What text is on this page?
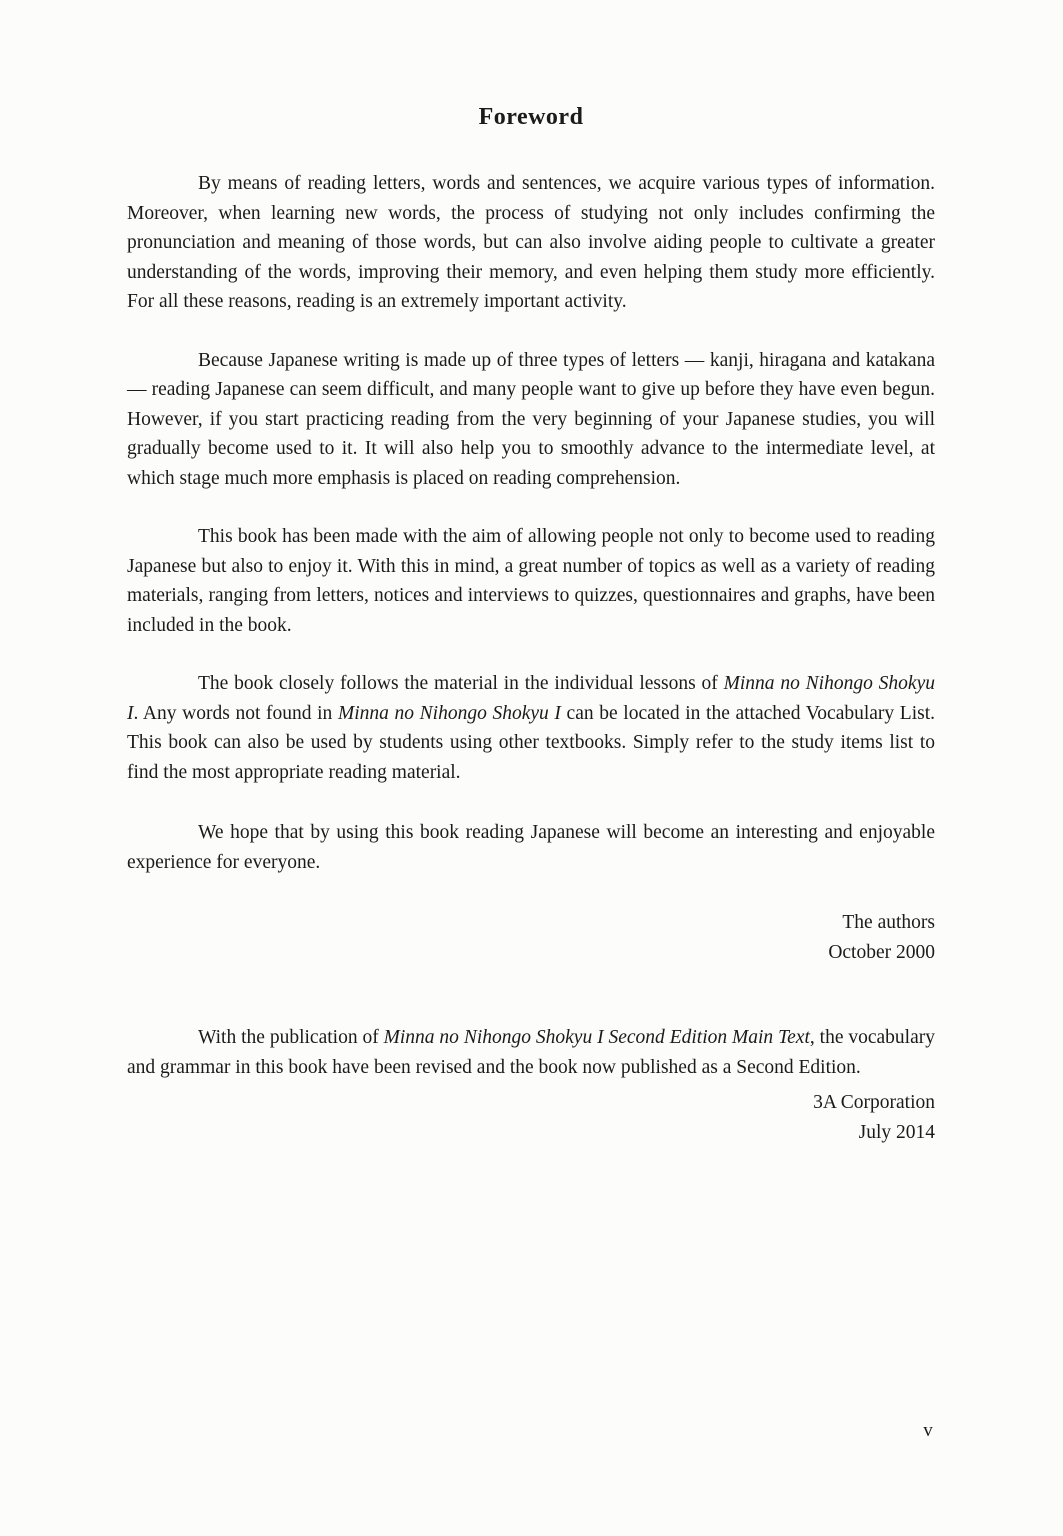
Foreword

By means of reading letters, words and sentences, we acquire various types of information. Moreover, when learning new words, the process of studying not only includes confirming the pronunciation and meaning of those words, but can also involve aiding people to cultivate a greater understanding of the words, improving their memory, and even helping them study more efficiently. For all these reasons, reading is an extremely important activity.

Because Japanese writing is made up of three types of letters — kanji, hiragana and katakana — reading Japanese can seem difficult, and many people want to give up before they have even begun. However, if you start practicing reading from the very beginning of your Japanese studies, you will gradually become used to it. It will also help you to smoothly advance to the intermediate level, at which stage much more emphasis is placed on reading comprehension.

This book has been made with the aim of allowing people not only to become used to reading Japanese but also to enjoy it. With this in mind, a great number of topics as well as a variety of reading materials, ranging from letters, notices and interviews to quizzes, questionnaires and graphs, have been included in the book.

The book closely follows the material in the individual lessons of Minna no Nihongo Shokyu I. Any words not found in Minna no Nihongo Shokyu I can be located in the attached Vocabulary List. This book can also be used by students using other textbooks. Simply refer to the study items list to find the most appropriate reading material.

We hope that by using this book reading Japanese will become an interesting and enjoyable experience for everyone.

The authors

October 2000

With the publication of Minna no Nihongo Shokyu I Second Edition Main Text, the vocabulary and grammar in this book have been revised and the book now published as a Second Edition.

3A Corporation

July 2014

v
